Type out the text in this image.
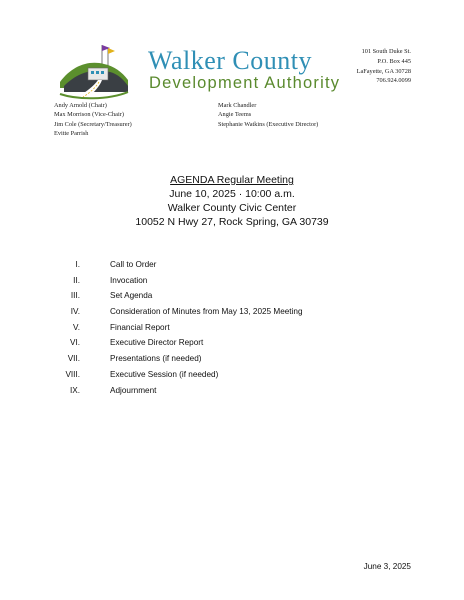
Walker County
Development Authority
101 South Duke St.
P.O. Box 445
LaFayette, GA 30728
706.924.0099
Andy Arnold (Chair)
Max Morrison (Vice-Chair)
Jim Cole (Secretary/Treasurer)
Evitte Parrish
Mark Chandler
Angie Teems
Stephanie Watkins (Executive Director)
AGENDA Regular Meeting
June 10, 2025 · 10:00 a.m.
Walker County Civic Center
10052 N Hwy 27, Rock Spring, GA 30739
I.	Call to Order
II.	Invocation
III.	Set Agenda
IV.	Consideration of Minutes from May 13, 2025 Meeting
V.	Financial Report
VI.	Executive Director Report
VII.	Presentations (if needed)
VIII.	Executive Session (if needed)
IX.	Adjournment
June 3, 2025
